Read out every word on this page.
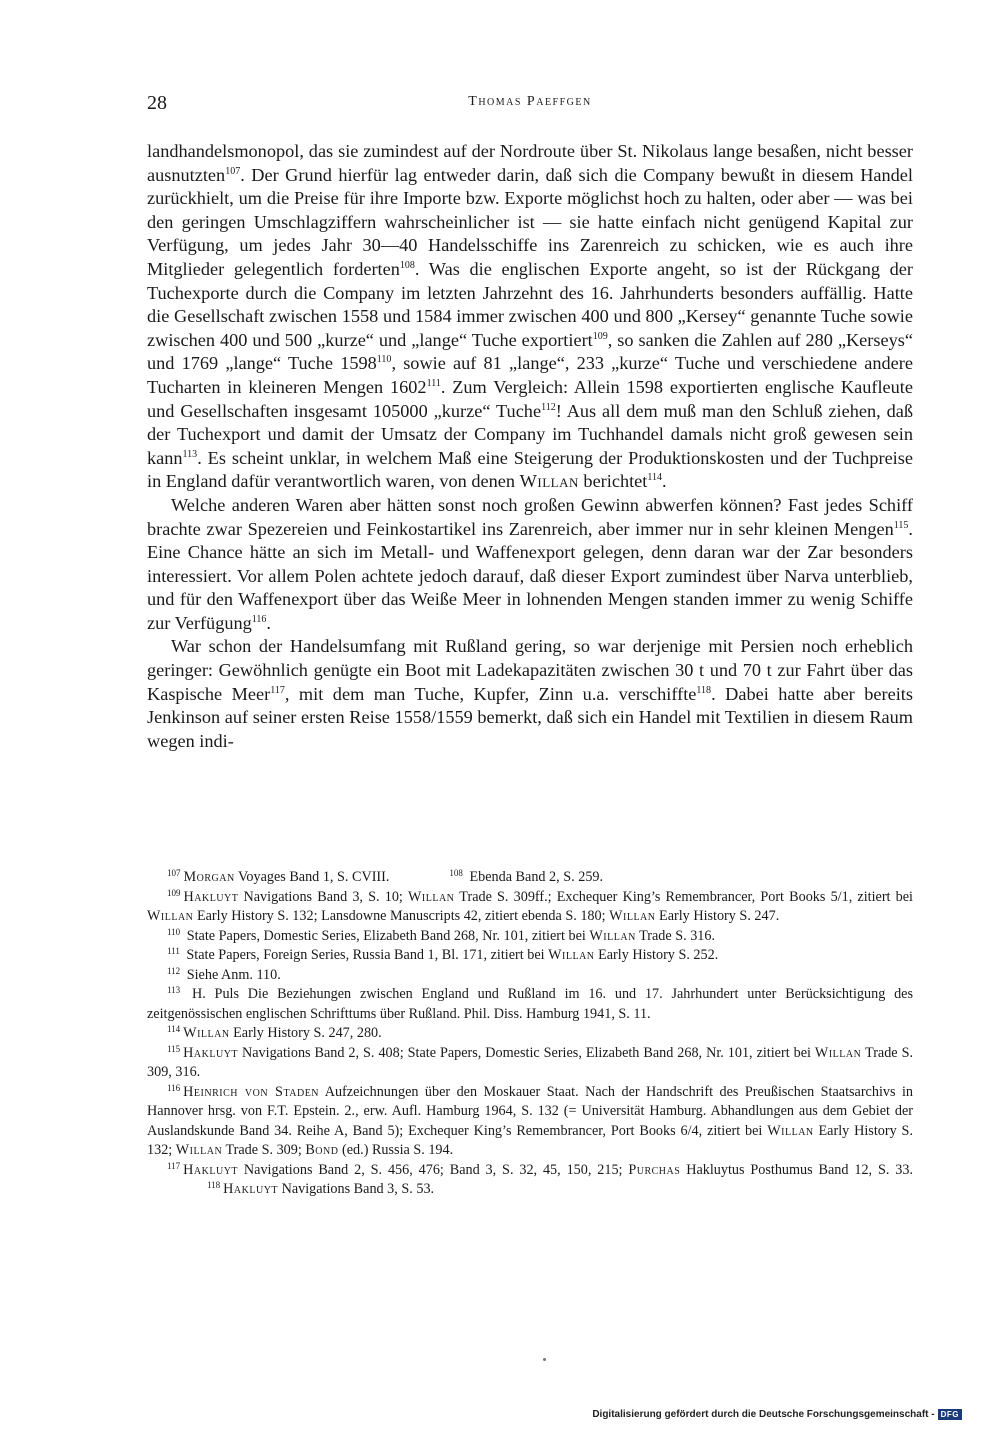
28	Thomas Paeffgen

landhandelsmonopol, das sie zumindest auf der Nordroute über St. Nikolaus lange besaßen, nicht besser ausnutzten$^{107}$. Der Grund hierfür lag entweder darin, daß sich die Company bewußt in diesem Handel zurückhielt, um die Preise für ihre Importe bzw. Exporte möglichst hoch zu halten, oder aber — was bei den geringen Umschlagziffern wahrscheinlicher ist — sie hatte einfach nicht genügend Kapital zur Verfügung, um jedes Jahr 30—40 Handelsschiffe ins Zarenreich zu schicken, wie es auch ihre Mitglieder gelegentlich forderten$^{108}$. Was die englischen Exporte angeht, so ist der Rückgang der Tuchexporte durch die Company im letzten Jahrzehnt des 16. Jahrhunderts besonders auffällig. Hatte die Gesellschaft zwischen 1558 und 1584 immer zwischen 400 und 800 „Kersey“ genannte Tuche sowie zwischen 400 und 500 „kurze“ und „lange“ Tuche exportiert$^{109}$, so sanken die Zahlen auf 280 „Kerseys“ und 1769 „lange“ Tuche 1598$^{110}$, sowie auf 81 „lange“, 233 „kurze“ Tuche und verschiedene andere Tucharten in kleineren Mengen 1602$^{111}$. Zum Vergleich: Allein 1598 exportierten englische Kaufleute und Gesellschaften insgesamt 105000 „kurze“ Tuche$^{112}$! Aus all dem muß man den Schluß ziehen, daß der Tuchexport und damit der Umsatz der Company im Tuchhandel damals nicht groß gewesen sein kann$^{113}$. Es scheint unklar, in welchem Maß eine Steigerung der Produktionskosten und der Tuchpreise in England dafür verantwortlich waren, von denen Willan berichtet$^{114}$.

Welche anderen Waren aber hätten sonst noch großen Gewinn abwerfen können? Fast jedes Schiff brachte zwar Spezereien und Feinkostartikel ins Zarenreich, aber immer nur in sehr kleinen Mengen$^{115}$. Eine Chance hätte an sich im Metall- und Waffenexport gelegen, denn daran war der Zar besonders interessiert. Vor allem Polen achtete jedoch darauf, daß dieser Export zumindest über Narva unterblieb, und für den Waffenexport über das Weiße Meer in lohnenden Mengen standen immer zu wenig Schiffe zur Verfügung$^{116}$.

War schon der Handelsumfang mit Rußland gering, so war derjenige mit Persien noch erheblich geringer: Gewöhnlich genügte ein Boot mit Ladekapazitäten zwischen 30 t und 70 t zur Fahrt über das Kaspische Meer$^{117}$, mit dem man Tuche, Kupfer, Zinn u.a. verschiffte$^{118}$. Dabei hatte aber bereits Jenkinson auf seiner ersten Reise 1558/1559 bemerkt, daß sich ein Handel mit Textilien in diesem Raum wegen indi-

$^{107}$ Morgan Voyages Band 1, S. CVIII.	$^{108}$ Ebenda Band 2, S. 259.

$^{109}$ Hakluyt Navigations Band 3, S. 10; Willan Trade S. 309ff.; Exchequer King’s Remembrancer, Port Books 5/1, zitiert bei Willan Early History S. 132; Lansdowne Manuscripts 42, zitiert ebenda S. 180; Willan Early History S. 247.

$^{110}$ State Papers, Domestic Series, Elizabeth Band 268, Nr. 101, zitiert bei Willan Trade S. 316.

$^{111}$ State Papers, Foreign Series, Russia Band 1, Bl. 171, zitiert bei Willan Early History S. 252.

$^{112}$ Siehe Anm. 110.

$^{113}$ H. Puls Die Beziehungen zwischen England und Rußland im 16. und 17. Jahrhundert unter Berücksichtigung des zeitgenössischen englischen Schrifttums über Rußland. Phil. Diss. Hamburg 1941, S. 11.

$^{114}$ Willan Early History S. 247, 280.

$^{115}$ Hakluyt Navigations Band 2, S. 408; State Papers, Domestic Series, Elizabeth Band 268, Nr. 101, zitiert bei Willan Trade S. 309, 316.

$^{116}$ Heinrich von Staden Aufzeichnungen über den Moskauer Staat. Nach der Handschrift des Preußischen Staatsarchivs in Hannover hrsg. von F.T. Epstein. 2., erw. Aufl. Hamburg 1964, S. 132 (= Universität Hamburg. Abhandlungen aus dem Gebiet der Auslandskunde Band 34. Reihe A, Band 5); Exchequer King’s Remembrancer, Port Books 6/4, zitiert bei Willan Early History S. 132; Willan Trade S. 309; Bond (ed.) Russia S. 194.

$^{117}$ Hakluyt Navigations Band 2, S. 456, 476; Band 3, S. 32, 45, 150, 215; Purchas Hakluytus Posthumus Band 12, S. 33.$^{118}$ Hakluyt Navigations Band 3, S. 53.

Digitalisierung gefördert durch die Deutsche Forschungsgemeinschaft - DFG
